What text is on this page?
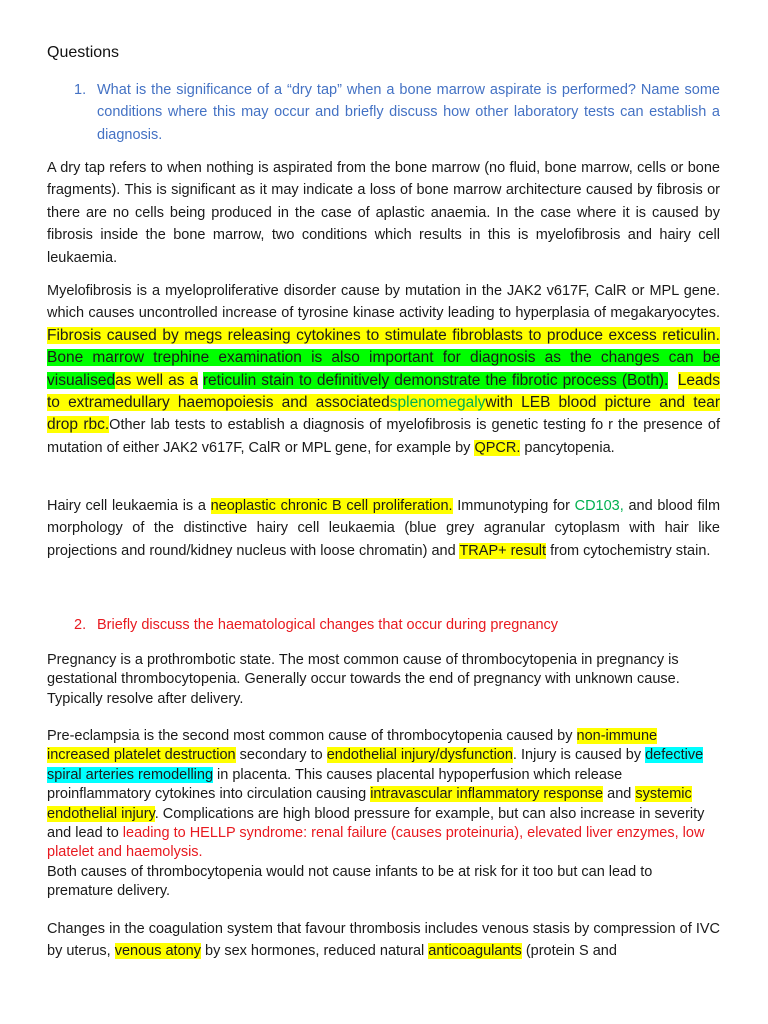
Questions
1. What is the significance of a “dry tap” when a bone marrow aspirate is performed? Name some conditions where this may occur and briefly discuss how other laboratory tests can establish a diagnosis.

A dry tap refers to when nothing is aspirated from the bone marrow (no fluid, bone marrow, cells or bone fragments). This is significant as it may indicate a loss of bone marrow architecture caused by fibrosis or there are no cells being produced in the case of aplastic anaemia. In the case where it is caused by fibrosis inside the bone marrow, two conditions which results in this is myelofibrosis and hairy cell leukaemia.

Myelofibrosis is a myeloproliferative disorder cause by mutation in the JAK2 v617F, CalR or MPL gene. which causes uncontrolled increase of tyrosine kinase activity leading to hyperplasia of megakaryocytes. Fibrosis caused by megs releasing cytokines to stimulate fibroblasts to produce excess reticulin. Bone marrow trephine examination is also important for diagnosis as the changes can be visualisedas well as a reticulin stain to definitively demonstrate the fibrotic process (Both). Leads to extramedullary haemopoiesis and associatedsplenomegalywith LEB blood picture and tear drop rbc.Other lab tests to establish a diagnosis of myelofibrosis is genetic testing fo r the presence of mutation of either JAK2 v617F, CalR or MPL gene, for example by QPCR. pancytopenia.

Hairy cell leukaemia is a neoplastic chronic B cell proliferation. Immunotyping for CD103, and blood film morphology of the distinctive hairy cell leukaemia (blue grey agranular cytoplasm with hair like projections and round/kidney nucleus with loose chromatin) and TRAP+ result from cytochemistry stain.

2. Briefly discuss the haematological changes that occur during pregnancy

Pregnancy is a prothrombotic state. The most common cause of thrombocytopenia in pregnancy is gestational thrombocytopenia. Generally occur towards the end of pregnancy with unknown cause. Typically resolve after delivery.

Pre-eclampsia is the second most common cause of thrombocytopenia caused by non-immune increased platelet destruction secondary to endothelial injury/dysfunction. Injury is caused by defective spiral arteries remodelling in placenta. This causes placental hypoperfusion which release proinflammatory cytokines into circulation causing intravascular inflammatory response and systemic endothelial injury. Complications are high blood pressure for example, but can also increase in severity and lead to leading to HELLP syndrome: renal failure (causes proteinuria), elevated liver enzymes, low platelet and haemolysis.
Both causes of thrombocytopenia would not cause infants to be at risk for it too but can lead to premature delivery.

Changes in the coagulation system that favour thrombosis includes venous stasis by compression of IVC by uterus, venous atony by sex hormones, reduced natural anticoagulants (protein S and
